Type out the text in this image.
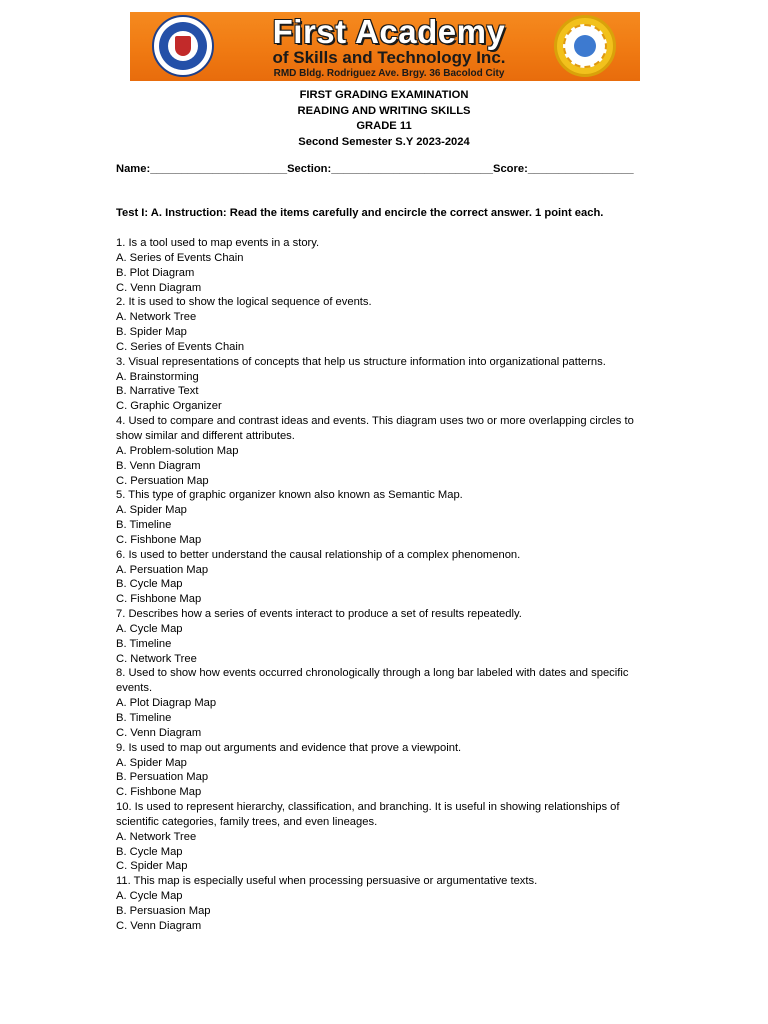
First Academy
of Skills and Technology Inc.
RMD Bldg. Rodriguez Ave. Brgy. 36 Bacolod City
FIRST GRADING EXAMINATION
READING AND WRITING SKILLS
GRADE 11
Second Semester S.Y 2023-2024
Name:______________________Section:__________________________Score:_________________
Test I: A. Instruction: Read the items carefully and encircle the correct answer. 1 point each.
1. Is a tool used to map events in a story.
A. Series of Events Chain
B. Plot Diagram
C. Venn Diagram
2. It is used to show the logical sequence of events.
A. Network Tree
B. Spider Map
C. Series of Events Chain
3. Visual representations of concepts that help us structure information into organizational patterns.
A. Brainstorming
B. Narrative Text
C. Graphic Organizer
4. Used to compare and contrast ideas and events. This diagram uses two or more overlapping circles to show similar and different attributes.
A. Problem-solution Map
B. Venn Diagram
C. Persuation Map
5. This type of graphic organizer known also known as Semantic Map.
A. Spider Map
B. Timeline
C. Fishbone Map
6. Is used to better understand the causal relationship of a complex phenomenon.
A. Persuation Map
B. Cycle Map
C. Fishbone Map
7. Describes how a series of events interact to produce a set of results repeatedly.
A. Cycle Map
B. Timeline
C. Network Tree
8. Used to show how events occurred chronologically through a long bar labeled with dates and specific events.
A. Plot Diagrap Map
B. Timeline
C. Venn Diagram
9. Is used to map out arguments and evidence that prove a viewpoint.
A. Spider Map
B. Persuation Map
C. Fishbone Map
10. Is used to represent hierarchy, classification, and branching. It is useful in showing relationships of scientific categories, family trees, and even lineages.
A. Network Tree
B. Cycle Map
C. Spider Map
11. This map is especially useful when processing persuasive or argumentative texts.
A. Cycle Map
B. Persuasion Map
C. Venn Diagram
